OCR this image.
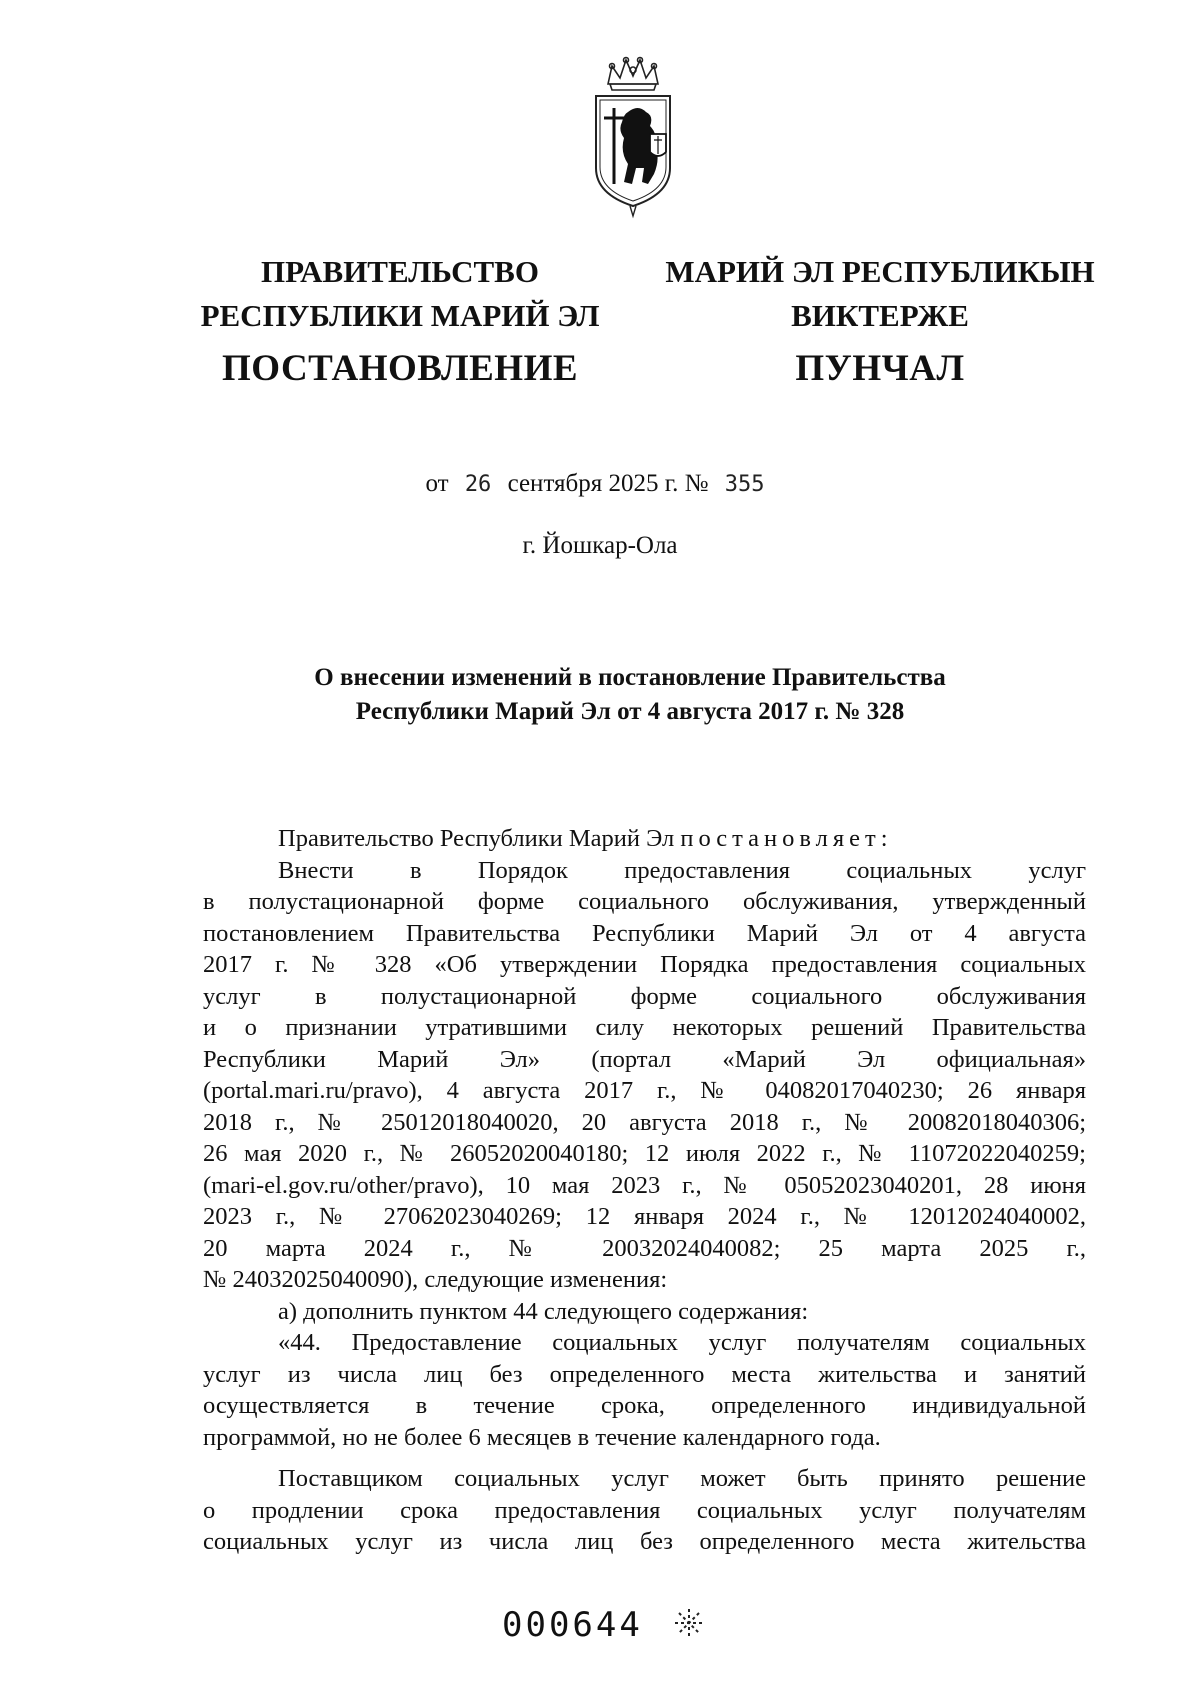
ПРАВИТЕЛЬСТВО
РЕСПУБЛИКИ МАРИЙ ЭЛ
ПОСТАНОВЛЕНИЕ
МАРИЙ ЭЛ РЕСПУБЛИКЫН
ВИКТЕРЖЕ
ПУНЧАЛ
от 26 сентября 2025 г. № 355
г. Йошкар-Ола
О внесении изменений в постановление Правительства
Республики Марий Эл от 4 августа 2017 г. № 328

Правительство Республики Марий Эл постановляет:

Внести в Порядок предоставления социальных услуг

в полустационарной форме социального обслуживания, утвержденный

постановлением Правительства Республики Марий Эл от 4 августа

2017 г. № 328 «Об утверждении Порядка предоставления социальных

услуг в полустационарной форме социального обслуживания

и о признании утратившими силу некоторых решений Правительства

Республики Марий Эл» (портал «Марий Эл официальная»

(portal.mari.ru/pravo), 4 августа 2017 г., № 04082017040230; 26 января

2018 г., № 25012018040020, 20 августа 2018 г., № 20082018040306;

26 мая 2020 г., № 26052020040180; 12 июля 2022 г., № 11072022040259;

(mari-el.gov.ru/other/pravo), 10 мая 2023 г., № 05052023040201, 28 июня

2023 г., № 27062023040269; 12 января 2024 г., № 12012024040002,

20 марта 2024 г., № 20032024040082; 25 марта 2025 г.,

№ 24032025040090), следующие изменения:

а) дополнить пунктом 44 следующего содержания:

«44. Предоставление социальных услуг получателям социальных

услуг из числа лиц без определенного места жительства и занятий

осуществляется в течение срока, определенного индивидуальной

программой, но не более 6 месяцев в течение календарного года.

Поставщиком социальных услуг может быть принято решение

о продлении срока предоставления социальных услуг получателям

социальных услуг из числа лиц без определенного места жительства

000644
